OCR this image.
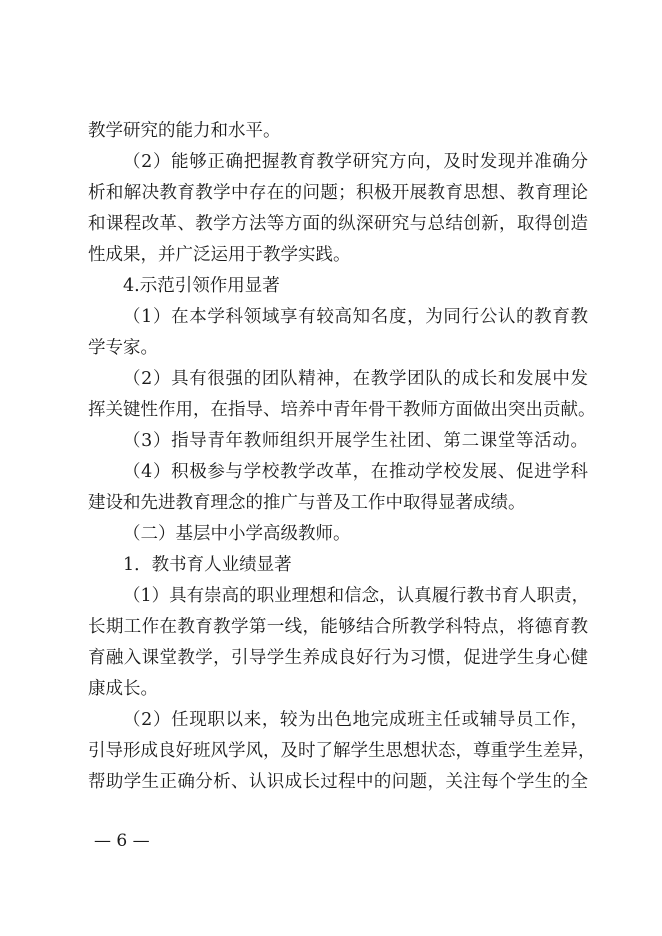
教学研究的能力和水平。
（2）能够正确把握教育教学研究方向，及时发现并准确分
析和解决教育教学中存在的问题；积极开展教育思想、教育理论
和课程改革、教学方法等方面的纵深研究与总结创新，取得创造
性成果，并广泛运用于教学实践。
4.示范引领作用显著
（1）在本学科领域享有较高知名度，为同行公认的教育教
学专家。
（2）具有很强的团队精神，在教学团队的成长和发展中发
挥关键性作用，在指导、培养中青年骨干教师方面做出突出贡献。
（3）指导青年教师组织开展学生社团、第二课堂等活动。
（4）积极参与学校教学改革，在推动学校发展、促进学科
建设和先进教育理念的推广与普及工作中取得显著成绩。
（二）基层中小学高级教师。
1．教书育人业绩显著
（1）具有崇高的职业理想和信念，认真履行教书育人职责，
长期工作在教育教学第一线，能够结合所教学科特点，将德育教
育融入课堂教学，引导学生养成良好行为习惯，促进学生身心健
康成长。
（2）任现职以来，较为出色地完成班主任或辅导员工作，
引导形成良好班风学风，及时了解学生思想状态，尊重学生差异，
帮助学生正确分析、认识成长过程中的问题，关注每个学生的全
— 6 —
